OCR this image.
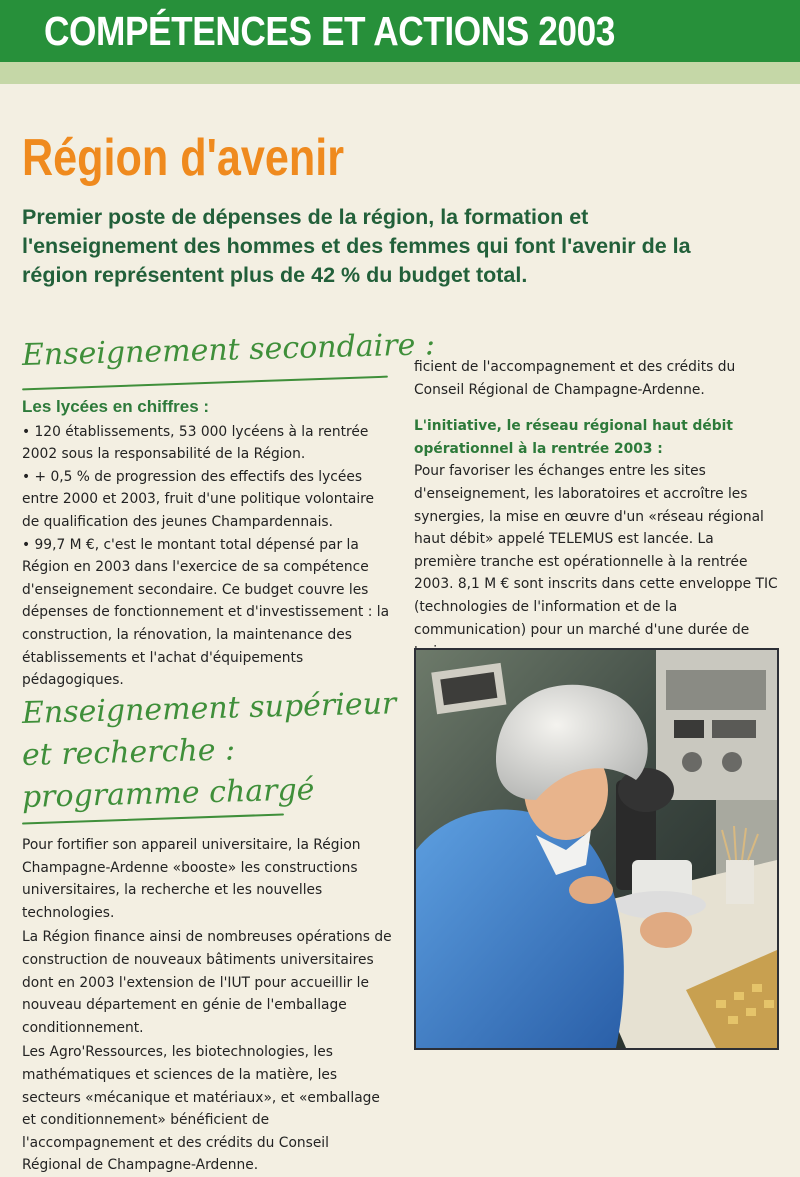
COMPÉTENCES ET ACTIONS 2003
Région d'avenir
Premier poste de dépenses de la région, la formation et l'enseignement des hommes et des femmes qui font l'avenir de la région représentent plus de 42 % du budget total.
Enseignement secondaire :
Les lycées en chiffres :

• 120 établissements, 53 000 lycéens à la rentrée 2002 sous la responsabilité de la Région.

• + 0,5 % de progression des effectifs des lycées entre 2000 et 2003, fruit d'une politique volontaire de qualification des jeunes Champardennais.

• 99,7 M €, c'est le montant total dépensé par la Région en 2003 dans l'exercice de sa compétence d'enseignement secondaire. Ce budget couvre les dépenses de fonctionnement et d'investissement : la construction, la rénovation, la maintenance des établissements et l'achat d'équipements pédagogiques.

Enseignement supérieur
et recherche :
programme chargé

Pour fortifier son appareil universitaire, la Région Champagne-Ardenne «booste» les constructions universitaires, la recherche et les nouvelles technologies.

La Région finance ainsi de nombreuses opérations de construction de nouveaux bâtiments universitaires dont en 2003 l'extension de l'IUT pour accueillir le nouveau département en génie de l'emballage conditionnement.

Les Agro'Ressources, les biotechnologies, les mathématiques et sciences de la matière, les secteurs «mécanique et matériaux», et «emballage et conditionnement» bénéficient de l'accompagnement et des crédits du Conseil Régional de Champagne-Ardenne.

ficient de l'accompagnement et des crédits du Conseil Régional de Champagne-Ardenne.

L'initiative, le réseau régional haut débit opérationnel à la rentrée 2003 :

Pour favoriser les échanges entre les sites d'enseignement, les laboratoires et accroître les synergies, la mise en œuvre d'un «réseau régional haut débit» appelé TELEMUS est lancée. La première tranche est opérationnelle à la rentrée 2003. 8,1 M € sont inscrits dans cette enveloppe TIC (technologies de l'information et de la communication) pour un marché d'une durée de
